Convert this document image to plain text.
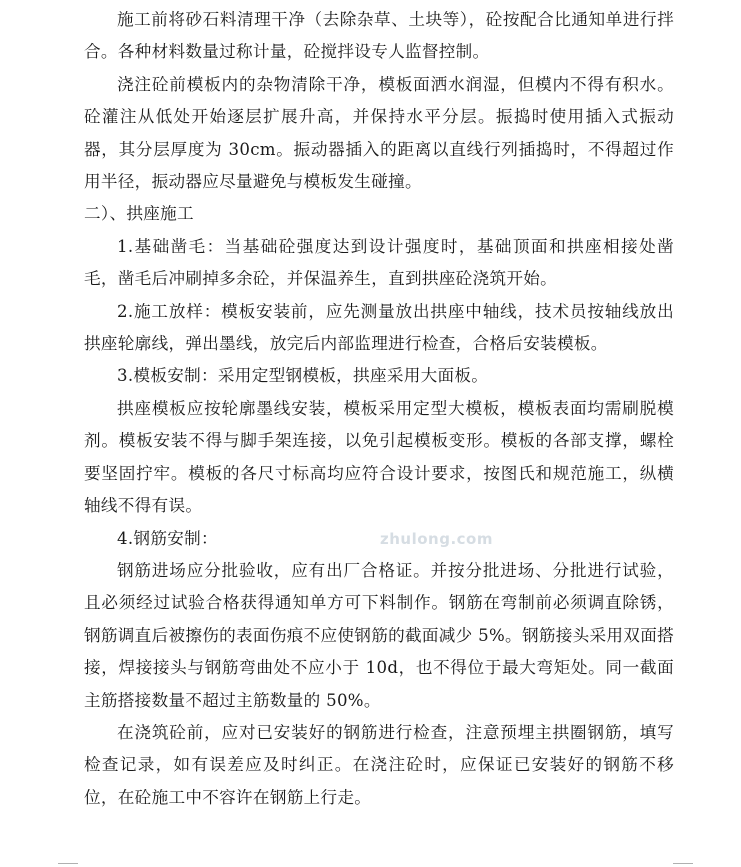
施工前将砂石料清理干净（去除杂草、土块等），砼按配合比通知单进行拌合。各种材料数量过称计量，砼搅拌设专人监督控制。

浇注砼前模板内的杂物清除干净，模板面洒水润湿，但模内不得有积水。砼灌注从低处开始逐层扩展升高，并保持水平分层。振捣时使用插入式振动器，其分层厚度为 30cm。振动器插入的距离以直线行列插捣时，不得超过作用半径，振动器应尽量避免与模板发生碰撞。

二）、拱座施工

1.基础凿毛：当基础砼强度达到设计强度时，基础顶面和拱座相接处凿毛，凿毛后冲刷掉多余砼，并保温养生，直到拱座砼浇筑开始。

2.施工放样：模板安装前，应先测量放出拱座中轴线，技术员按轴线放出拱座轮廓线，弹出墨线，放完后内部监理进行检查，合格后安装模板。

3.模板安制：采用定型钢模板，拱座采用大面板。

拱座模板应按轮廓墨线安装，模板采用定型大模板，模板表面均需刷脱模剂。模板安装不得与脚手架连接，以免引起模板变形。模板的各部支撑，螺栓要坚固拧牢。模板的各尺寸标高均应符合设计要求，按图氏和规范施工，纵横轴线不得有误。

4.钢筋安制：

钢筋进场应分批验收，应有出厂合格证。并按分批进场、分批进行试验，且必须经过试验合格获得通知单方可下料制作。钢筋在弯制前必须调直除锈，钢筋调直后被擦伤的表面伤痕不应使钢筋的截面减少 5%。钢筋接头采用双面搭接，焊接接头与钢筋弯曲处不应小于 10d，也不得位于最大弯矩处。同一截面主筋搭接数量不超过主筋数量的 50%。

在浇筑砼前，应对已安装好的钢筋进行检查，注意预埋主拱圈钢筋，填写检查记录，如有误差应及时纠正。在浇注砼时，应保证已安装好的钢筋不移位，在砼施工中不容许在钢筋上行走。

zhulong.com
